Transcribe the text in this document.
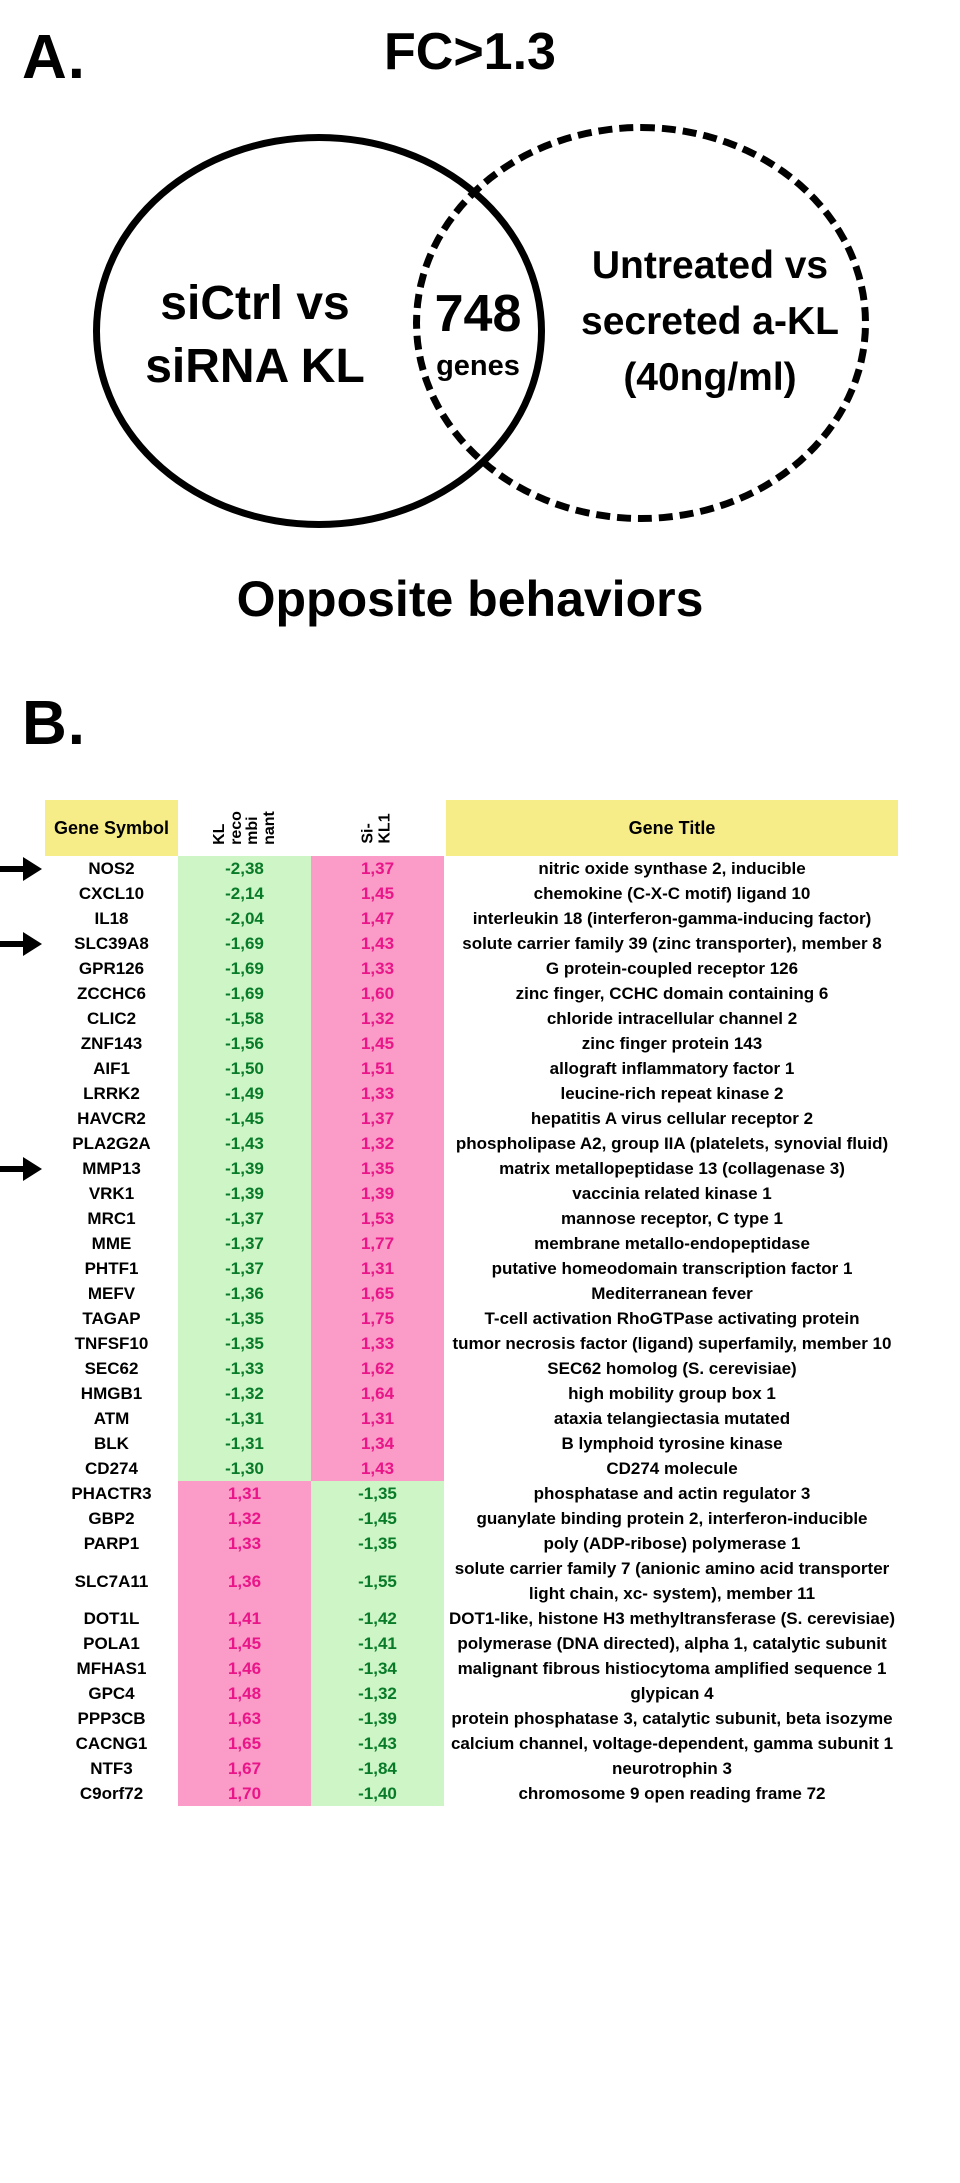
A.	FC>1.3
siCtrl vs
siRNA KL
748
genes
Untreated vs
secreted a-KL
(40ng/ml)
Opposite behaviors
B.
Gene Symbol	KL reco mbi nant	Si- KL1	Gene Title
NOS2	-2,38	1,37	nitric oxide synthase 2, inducible
CXCL10	-2,14	1,45	chemokine (C-X-C motif) ligand 10
IL18	-2,04	1,47	interleukin 18 (interferon-gamma-inducing factor)
SLC39A8	-1,69	1,43	solute carrier family 39 (zinc transporter), member 8
GPR126	-1,69	1,33	G protein-coupled receptor 126
ZCCHC6	-1,69	1,60	zinc finger, CCHC domain containing 6
CLIC2	-1,58	1,32	chloride intracellular channel 2
ZNF143	-1,56	1,45	zinc finger protein 143
AIF1	-1,50	1,51	allograft inflammatory factor 1
LRRK2	-1,49	1,33	leucine-rich repeat kinase 2
HAVCR2	-1,45	1,37	hepatitis A virus cellular receptor 2
PLA2G2A	-1,43	1,32	phospholipase A2, group IIA (platelets, synovial fluid)
MMP13	-1,39	1,35	matrix metallopeptidase 13 (collagenase 3)
VRK1	-1,39	1,39	vaccinia related kinase 1
MRC1	-1,37	1,53	mannose receptor, C type 1
MME	-1,37	1,77	membrane metallo-endopeptidase
PHTF1	-1,37	1,31	putative homeodomain transcription factor 1
MEFV	-1,36	1,65	Mediterranean fever
TAGAP	-1,35	1,75	T-cell activation RhoGTPase activating protein
TNFSF10	-1,35	1,33	tumor necrosis factor (ligand) superfamily, member 10
SEC62	-1,33	1,62	SEC62 homolog (S. cerevisiae)
HMGB1	-1,32	1,64	high mobility group box 1
ATM	-1,31	1,31	ataxia telangiectasia mutated
BLK	-1,31	1,34	B lymphoid tyrosine kinase
CD274	-1,30	1,43	CD274 molecule
PHACTR3	1,31	-1,35	phosphatase and actin regulator 3
GBP2	1,32	-1,45	guanylate binding protein 2, interferon-inducible
PARP1	1,33	-1,35	poly (ADP-ribose) polymerase 1
SLC7A11	1,36	-1,55
solute carrier family 7 (anionic amino acid transporter light chain, xc- system), member 11
DOT1L	1,41	-1,42	DOT1-like, histone H3 methyltransferase (S. cerevisiae)
POLA1	1,45	-1,41	polymerase (DNA directed), alpha 1, catalytic subunit
MFHAS1	1,46	-1,34	malignant fibrous histiocytoma amplified sequence 1
GPC4	1,48	-1,32	glypican 4
PPP3CB	1,63	-1,39	protein phosphatase 3, catalytic subunit, beta isozyme
CACNG1	1,65	-1,43	calcium channel, voltage-dependent, gamma subunit 1
NTF3	1,67	-1,84	neurotrophin 3
C9orf72	1,70	-1,40	chromosome 9 open reading frame 72
